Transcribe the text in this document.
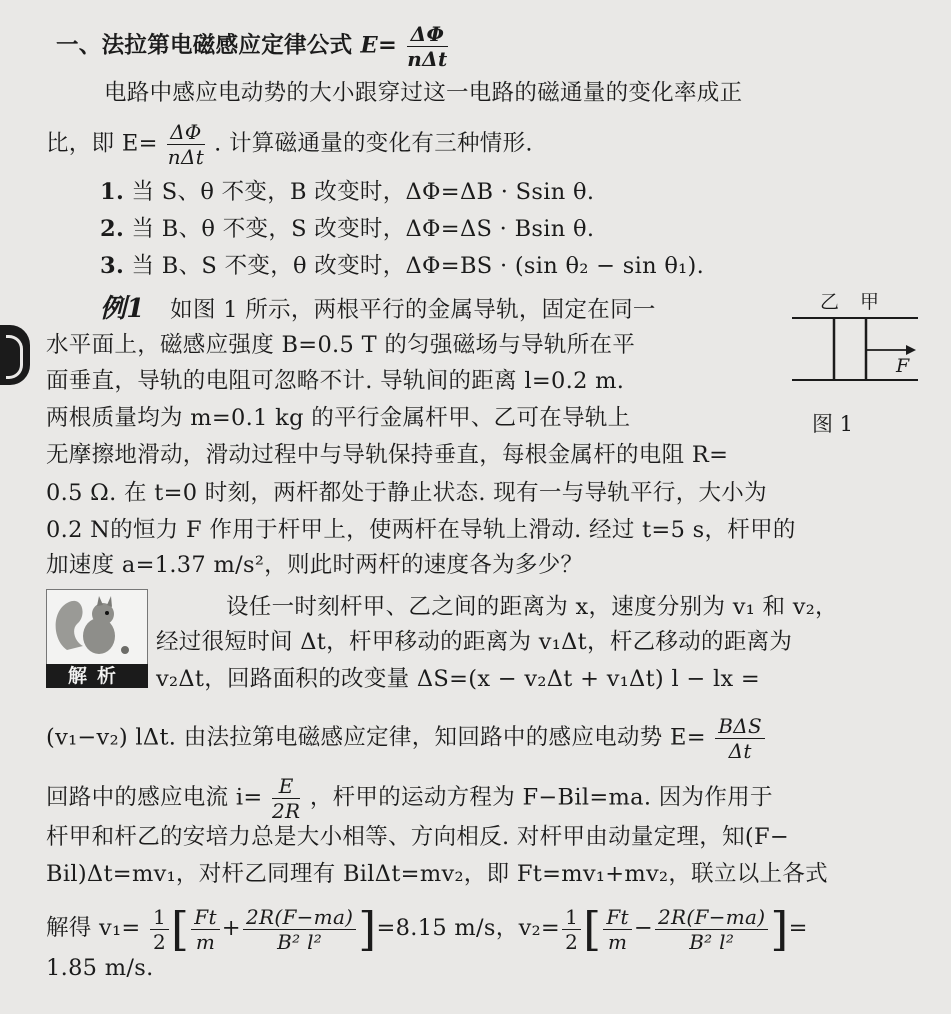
一、法拉第电磁感应定律公式 $E= \frac{\Delta\Phi}{\text{nΔt}}$
电路中感应电动势的大小跟穿过这一电路的磁通量的变化率成正
比，即 $E= \frac{\Delta\Phi}{\text{nΔt}}$ . 计算磁通量的变化有三种情形.
1. 当 S、θ 不变，B 改变时，ΔΦ=ΔB · Ssin θ.
2. 当 B、θ 不变，S 改变时，ΔΦ=ΔS · Bsin θ.
3. 当 B、S 不变，θ 改变时，ΔΦ=BS · (sin θ₂ − sin θ₁).
例1 如图 1 所示，两根平行的金属导轨，固定在同一
水平面上，磁感应强度 B=0.5 T 的匀强磁场与导轨所在平
面垂直，导轨的电阻可忽略不计. 导轨间的距离 l=0.2 m.
两根质量均为 m=0.1 kg 的平行金属杆甲、乙可在导轨上
无摩擦地滑动，滑动过程中与导轨保持垂直，每根金属杆的电阻 R=
0.5 Ω. 在 t=0 时刻，两杆都处于静止状态. 现有一与导轨平行，大小为
0.2 N的恒力 F 作用于杆甲上，使两杆在导轨上滑动. 经过 t=5 s，杆甲的
加速度 a=1.37 m/s²，则此时两杆的速度各为多少？
乙 甲
F
图 1
解析
设任一时刻杆甲、乙之间的距离为 x，速度分别为 v₁ 和 v₂，
经过很短时间 Δt，杆甲移动的距离为 v₁Δt，杆乙移动的距离为
v₂Δt，回路面积的改变量 ΔS=(x − v₂Δt + v₁Δt) l − lx =
(v₁−v₂) lΔt. 由法拉第电磁感应定律，知回路中的感应电动势 $E= \frac{\text{BΔS}}{\Delta t}$
回路中的感应电流 $i= \frac{E}{2R}$ ，杆甲的运动方程为 F−Bil=ma. 因为作用于
杆甲和杆乙的安培力总是大小相等、方向相反. 对杆甲由动量定理，知(F−
Bil)Δt=mv₁，对杆乙同理有 BilΔt=mv₂，即 Ft=mv₁+mv₂，联立以上各式
解得 $v_1= \frac{1}{2}$ [ $\frac{Ft}{m} + \frac{2R(F-ma)}{\text{B² l²}} ]=8.15$ m/s，$v_2= \frac{1}{2}$ [ $\frac{Ft}{m} - \frac{2R(F-ma)}{\text{B² l²}}$ ]=
1.85 m/s.
